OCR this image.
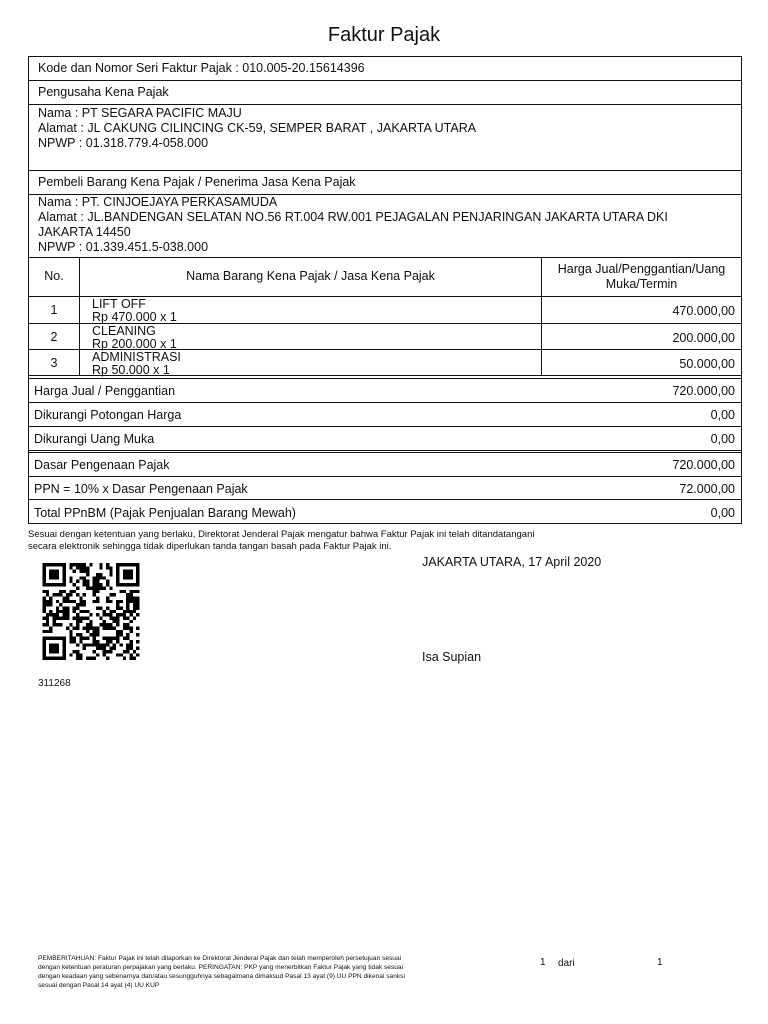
Faktur Pajak
Kode dan Nomor Seri Faktur Pajak : 010.005-20.15614396
Pengusaha Kena Pajak
Nama : PT SEGARA PACIFIC MAJU
Alamat : JL CAKUNG CILINCING CK-59, SEMPER BARAT , JAKARTA UTARA
NPWP : 01.318.779.4-058.000
Pembeli Barang Kena Pajak / Penerima Jasa Kena Pajak
Nama : PT. CINJOEJAYA PERKASAMUDA
Alamat : JL.BANDENGAN SELATAN NO.56 RT.004 RW.001 PEJAGALAN PENJARINGAN JAKARTA UTARA DKI
JAKARTA 14450
NPWP : 01.339.451.5-038.000
No.	Nama Barang Kena Pajak / Jasa Kena Pajak	Harga Jual/Penggantian/Uang
Muka/Termin
1	LIFT OFF
Rp 470.000 x 1	470.000,00
2	CLEANING
Rp 200.000 x 1	200.000,00
3	ADMINISTRASI
Rp 50.000 x 1	50.000,00
Harga Jual / Penggantian	720.000,00
Dikurangi Potongan Harga	0,00
Dikurangi Uang Muka	0,00
Dasar Pengenaan Pajak	720.000,00
PPN = 10% x Dasar Pengenaan Pajak	72.000,00
Total PPnBM (Pajak Penjualan Barang Mewah)	0,00
Sesuai dengan ketentuan yang berlaku, Direktorat Jenderal Pajak mengatur bahwa Faktur Pajak ini telah ditandatangani
secara elektronik sehingga tidak diperlukan tanda tangan basah pada Faktur Pajak ini.
JAKARTA UTARA, 17 April 2020
Isa Supian
311268
PEMBERITAHUAN: Faktur Pajak ini telah dilaporkan ke Direktorat Jenderal Pajak dan telah memperoleh persetujuan sesuai
dengan ketentuan peraturan perpajakan yang berlaku. PERINGATAN: PKP yang menerbitkan Faktur Pajak yang tidak sesuai
dengan keadaan yang sebenarnya dan/atau sesungguhnya sebagaimana dimaksud Pasal 13 ayat (9) UU PPN dikenai sanksi
sesuai dengan Pasal 14 ayat (4) UU KUP
1 dari	1
